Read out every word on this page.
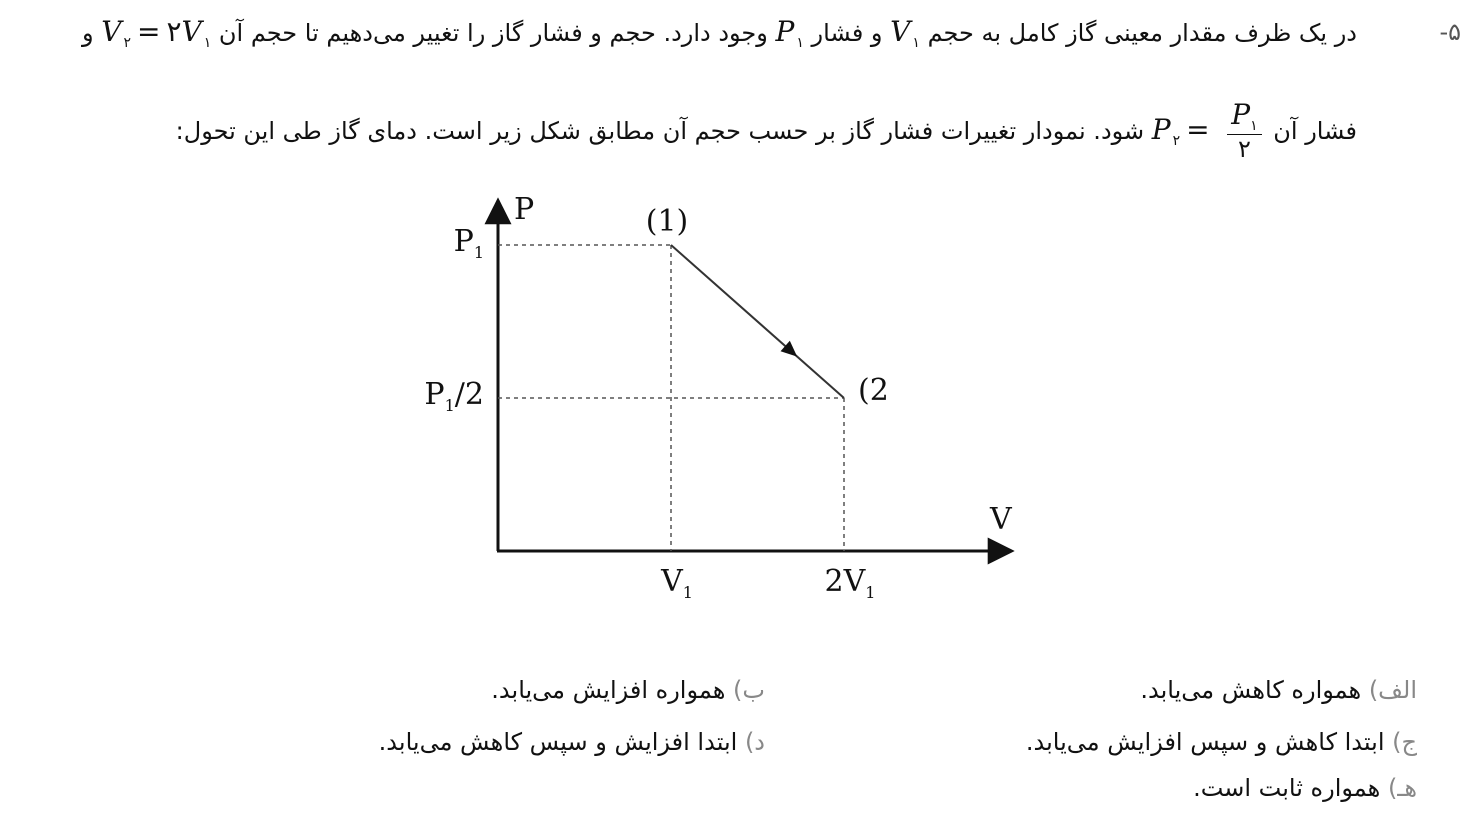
-۵
در یک ظرف مقدار معینی گاز کامل به حجم V $_۱$ و فشار P $_۱$ وجود دارد. حجم و فشار گاز را تغییر می‌دهیم تا حجم آن V $_۲$ = ۲V $_۱$ و
فشار آن P $_۲ = \frac{P_۱}{۲}$
شود. نمودار تغییرات فشار گاز بر حسب حجم آن مطابق شکل زیر است. دمای گاز طی این تحول:
P
V
(1)
(2
$P_1$
$P_1/2$
$V_1$	$2V_1$
الف) همواره کاهش می‌یابد.
ب) همواره افزایش می‌یابد.
ج) ابتدا کاهش و سپس افزایش می‌یابد.
د) ابتدا افزایش و سپس کاهش می‌یابد.
هـ) همواره ثابت است.
